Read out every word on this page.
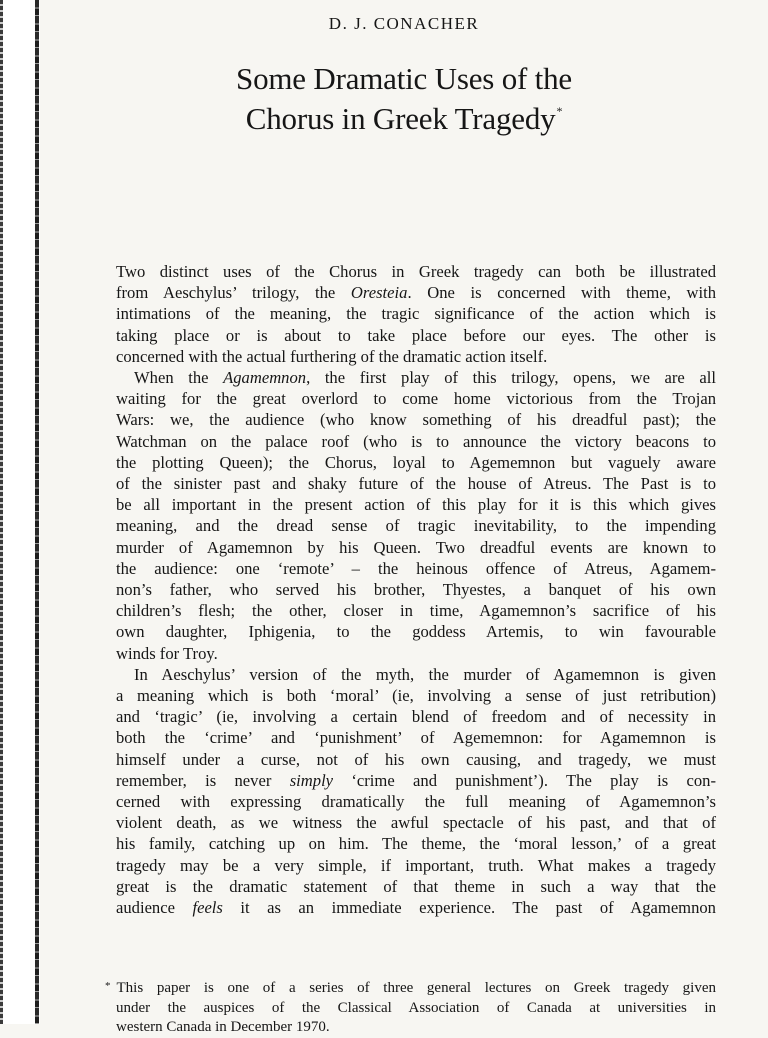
D. J. CONACHER
Some Dramatic Uses of the
Chorus in Greek Tragedy*
Two distinct uses of the Chorus in Greek tragedy can both be illustrated
from Aeschylus’ trilogy, the Oresteia. One is concerned with theme, with
intimations of the meaning, the tragic significance of the action which is
taking place or is about to take place before our eyes. The other is
concerned with the actual furthering of the dramatic action itself.
When the Agamemnon, the first play of this trilogy, opens, we are all
waiting for the great overlord to come home victorious from the Trojan
Wars: we, the audience (who know something of his dreadful past); the
Watchman on the palace roof (who is to announce the victory beacons to
the plotting Queen); the Chorus, loyal to Agememnon but vaguely aware
of the sinister past and shaky future of the house of Atreus. The Past is to
be all important in the present action of this play for it is this which gives
meaning, and the dread sense of tragic inevitability, to the impending
murder of Agamemnon by his Queen. Two dreadful events are known to
the audience: one ‘remote’ – the heinous offence of Atreus, Agamem-
non’s father, who served his brother, Thyestes, a banquet of his own
children’s flesh; the other, closer in time, Agamemnon’s sacrifice of his
own daughter, Iphigenia, to the goddess Artemis, to win favourable
winds for Troy.
In Aeschylus’ version of the myth, the murder of Agamemnon is given
a meaning which is both ‘moral’ (ie, involving a sense of just retribution)
and ‘tragic’ (ie, involving a certain blend of freedom and of necessity in
both the ‘crime’ and ‘punishment’ of Agememnon: for Agamemnon is
himself under a curse, not of his own causing, and tragedy, we must
remember, is never simply ‘crime and punishment’). The play is con-
cerned with expressing dramatically the full meaning of Agamemnon’s
violent death, as we witness the awful spectacle of his past, and that of
his family, catching up on him. The theme, the ‘moral lesson,’ of a great
tragedy may be a very simple, if important, truth. What makes a tragedy
great is the dramatic statement of that theme in such a way that the
audience feels it as an immediate experience. The past of Agamemnon
* This paper is one of a series of three general lectures on Greek tragedy given
under the auspices of the Classical Association of Canada at universities in
western Canada in December 1970.
